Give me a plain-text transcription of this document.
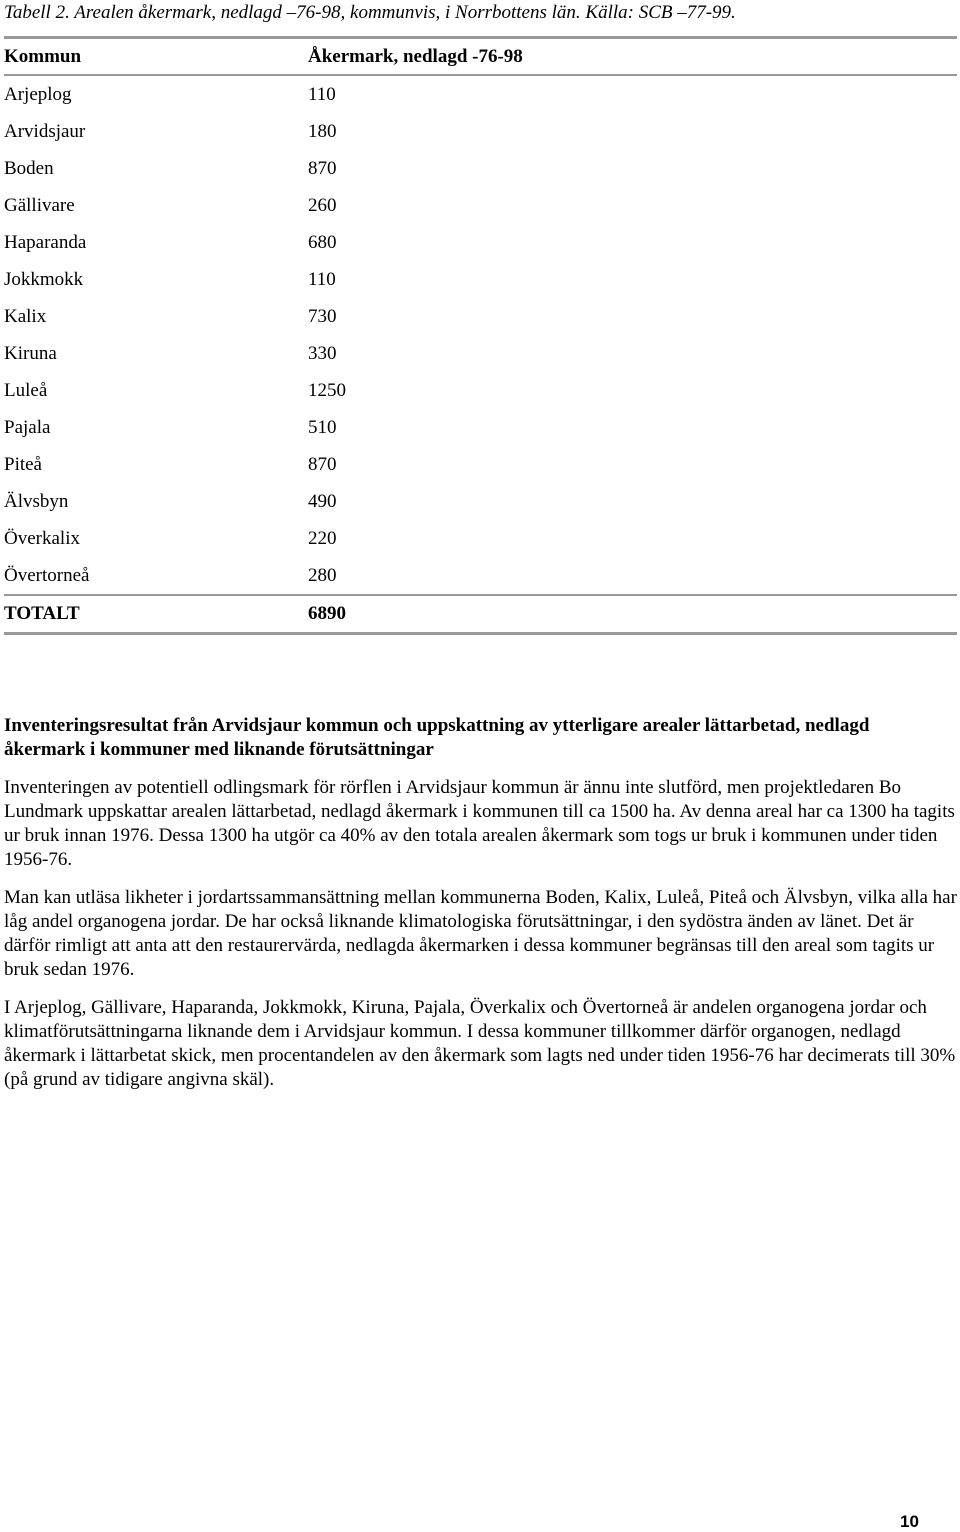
Tabell 2. Arealen åkermark, nedlagd –76-98, kommunvis, i Norrbottens län. Källa: SCB –77-99.
Kommun	Åkermark, nedlagd -76-98
Arjeplog	110
Arvidsjaur	180
Boden	870
Gällivare	260
Haparanda	680
Jokkmokk	110
Kalix	730
Kiruna	330
Luleå	1250
Pajala	510
Piteå	870
Älvsbyn	490
Överkalix	220
Övertorneå	280
TOTALT	6890
Inventeringsresultat från Arvidsjaur kommun och uppskattning av ytterligare arealer lättarbetad, nedlagd åkermark i kommuner med liknande förutsättningar

Inventeringen av potentiell odlingsmark för rörflen i Arvidsjaur kommun är ännu inte slutförd, men projektledaren Bo Lundmark uppskattar arealen lättarbetad, nedlagd åkermark i kommunen till ca 1500 ha. Av denna areal har ca 1300 ha tagits ur bruk innan 1976. Dessa 1300 ha utgör ca 40% av den totala arealen åkermark som togs ur bruk i kommunen under tiden 1956-76.

Man kan utläsa likheter i jordartssammansättning mellan kommunerna Boden, Kalix, Luleå, Piteå och Älvsbyn, vilka alla har låg andel organogena jordar. De har också liknande klimatologiska förutsättningar, i den sydöstra änden av länet. Det är därför rimligt att anta att den restaurervärda, nedlagda åkermarken i dessa kommuner begränsas till den areal som tagits ur bruk sedan 1976.

I Arjeplog, Gällivare, Haparanda, Jokkmokk, Kiruna, Pajala, Överkalix och Övertorneå är andelen organogena jordar och klimatförutsättningarna liknande dem i Arvidsjaur kommun. I dessa kommuner tillkommer därför organogen, nedlagd åkermark i lättarbetat skick, men procentandelen av den åkermark som lagts ned under tiden 1956-76 har decimerats till 30% (på grund av tidigare angivna skäl).

10
